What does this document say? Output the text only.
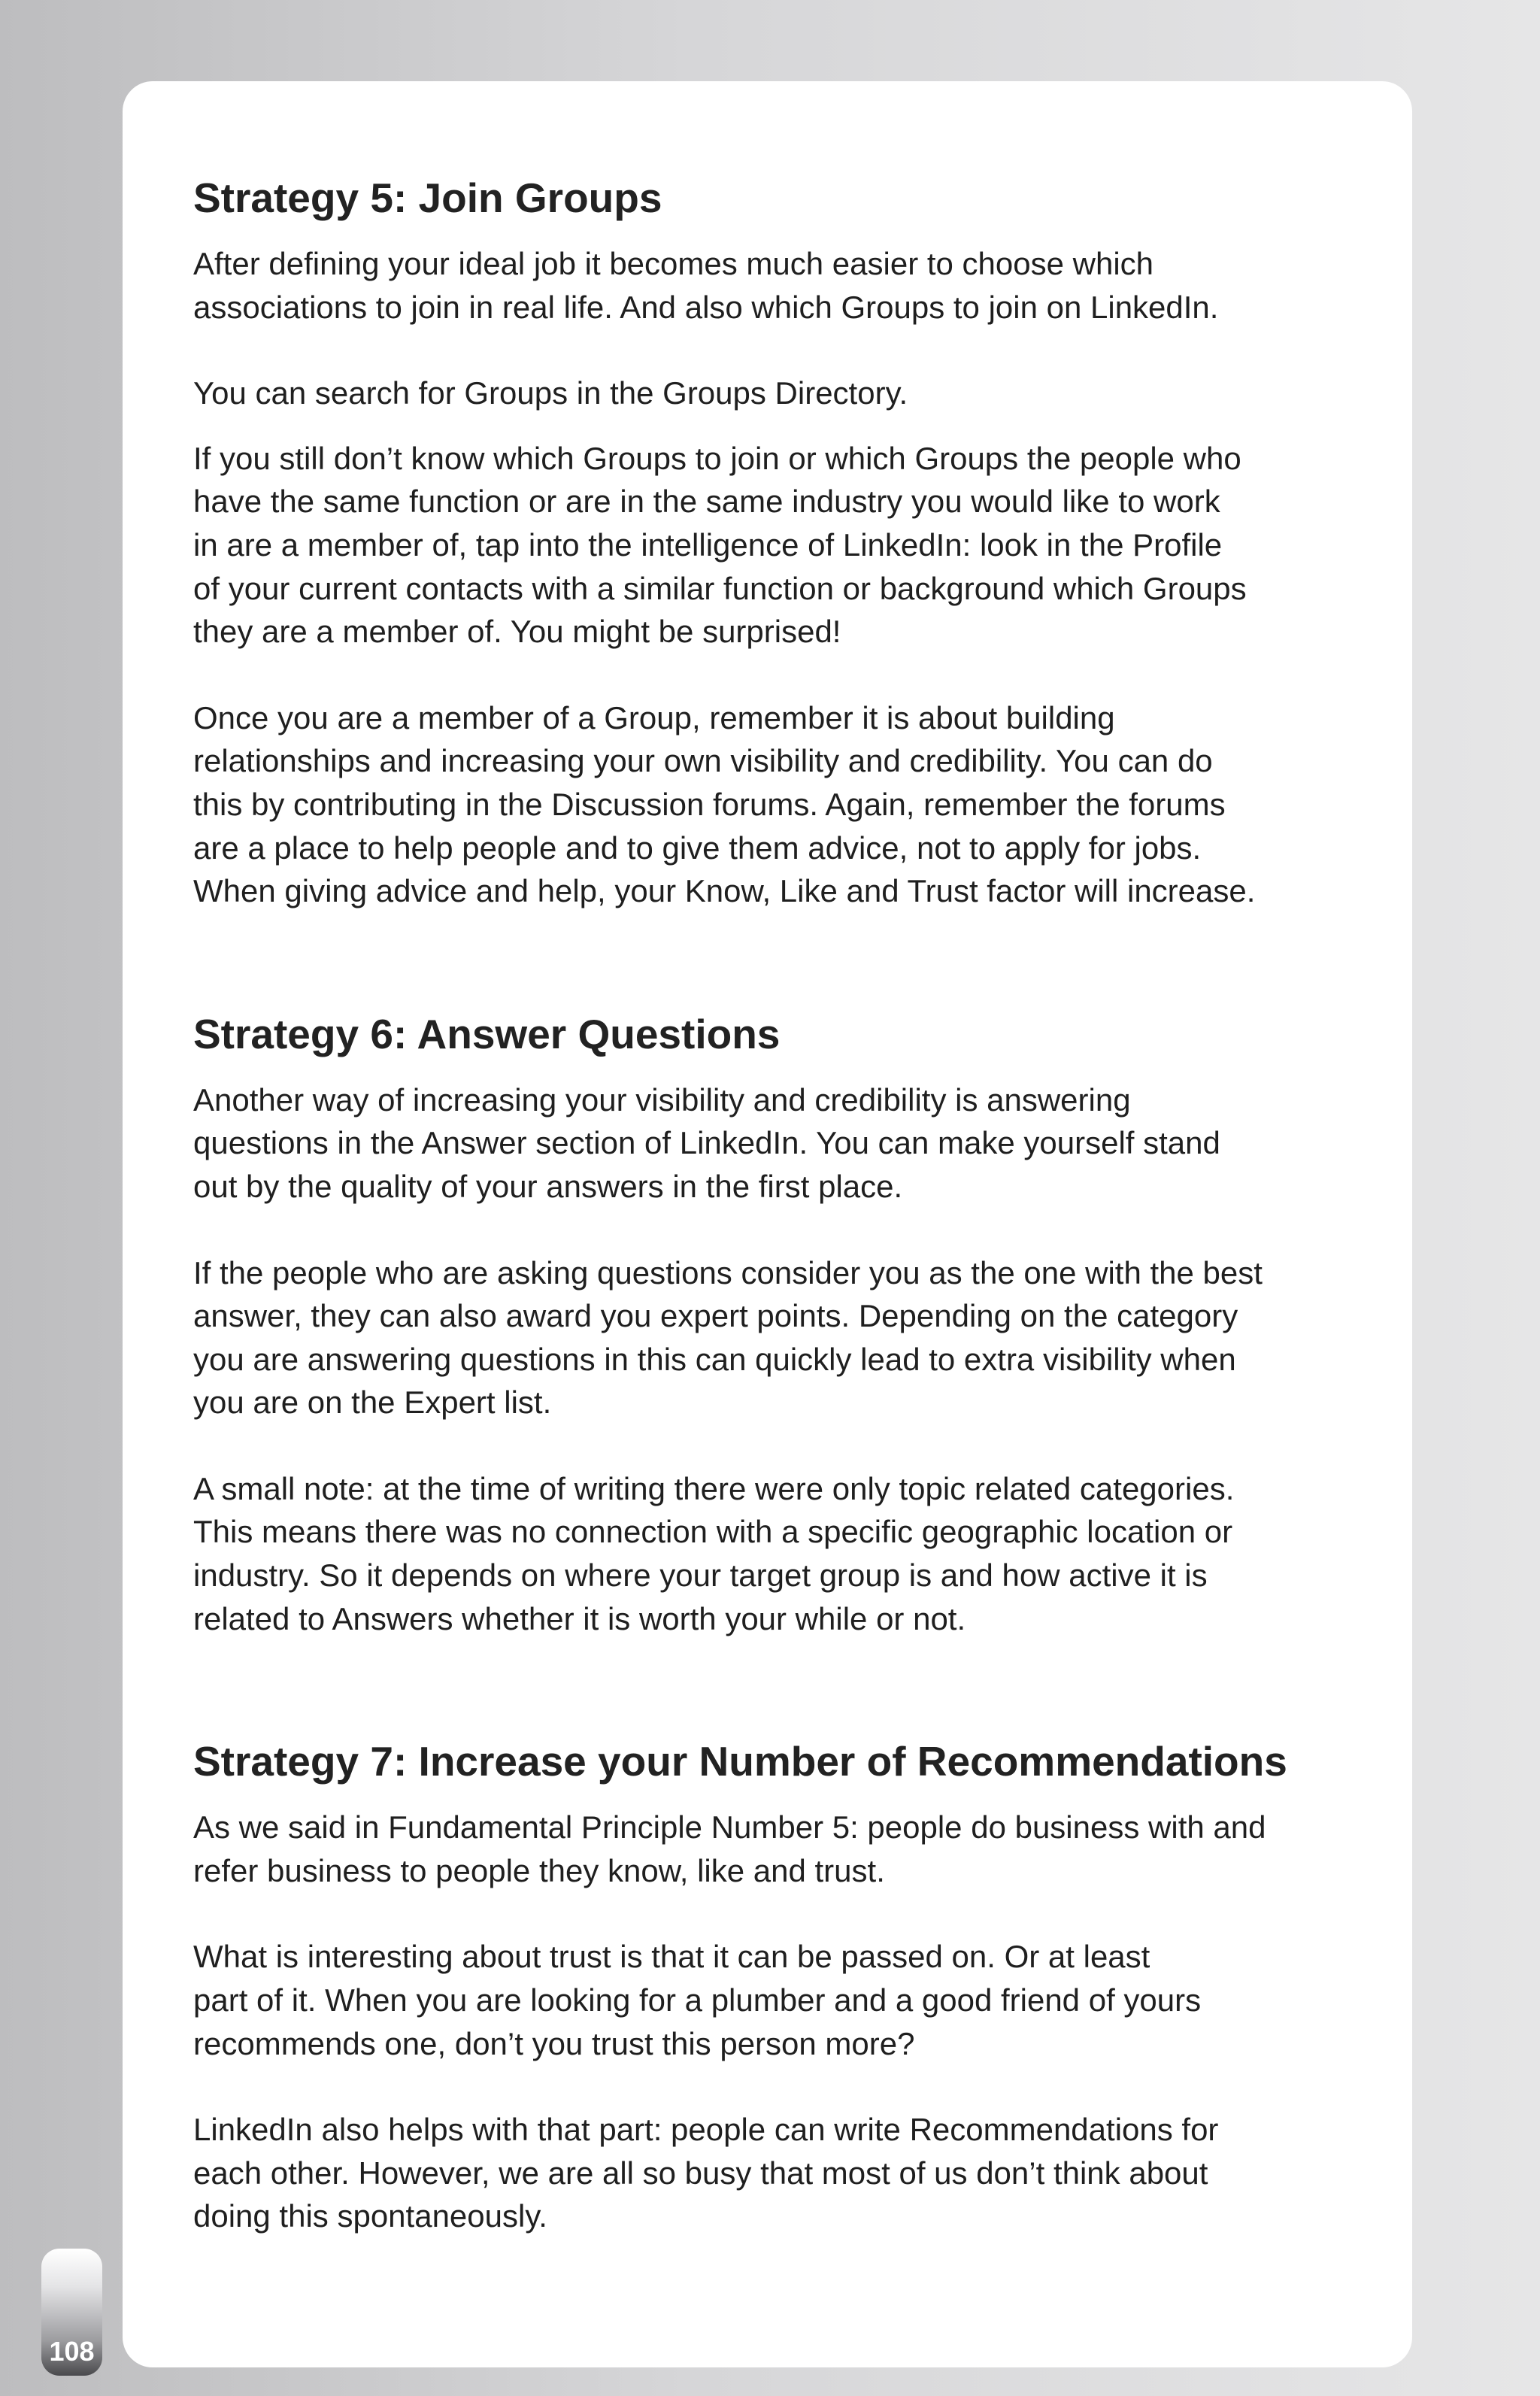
Strategy 5: Join Groups

After defining your ideal job it becomes much easier to choose which
associations to join in real life. And also which Groups to join on LinkedIn.

You can search for Groups in the Groups Directory.

If you still don’t know which Groups to join or which Groups the people who
have the same function or are in the same industry you would like to work
in are a member of, tap into the intelligence of LinkedIn: look in the Profile
of your current contacts with a similar function or background which Groups
they are a member of. You might be surprised!

Once you are a member of a Group, remember it is about building
relationships and increasing your own visibility and credibility. You can do
this by contributing in the Discussion forums. Again, remember the forums
are a place to help people and to give them advice, not to apply for jobs.
When giving advice and help, your Know, Like and Trust factor will increase.

Strategy 6: Answer Questions

Another way of increasing your visibility and credibility is answering
questions in the Answer section of LinkedIn. You can make yourself stand
out by the quality of your answers in the first place.

If the people who are asking questions consider you as the one with the best
answer, they can also award you expert points. Depending on the category
you are answering questions in this can quickly lead to extra visibility when
you are on the Expert list.

A small note: at the time of writing there were only topic related categories.
This means there was no connection with a specific geographic location or
industry. So it depends on where your target group is and how active it is
related to Answers whether it is worth your while or not.

Strategy 7: Increase your Number of Recommendations

As we said in Fundamental Principle Number 5: people do business with and
refer business to people they know, like and trust.

What is interesting about trust is that it can be passed on. Or at least
part of it. When you are looking for a plumber and a good friend of yours
recommends one, don’t you trust this person more?

LinkedIn also helps with that part: people can write Recommendations for
each other. However, we are all so busy that most of us don’t think about
doing this spontaneously.

108
